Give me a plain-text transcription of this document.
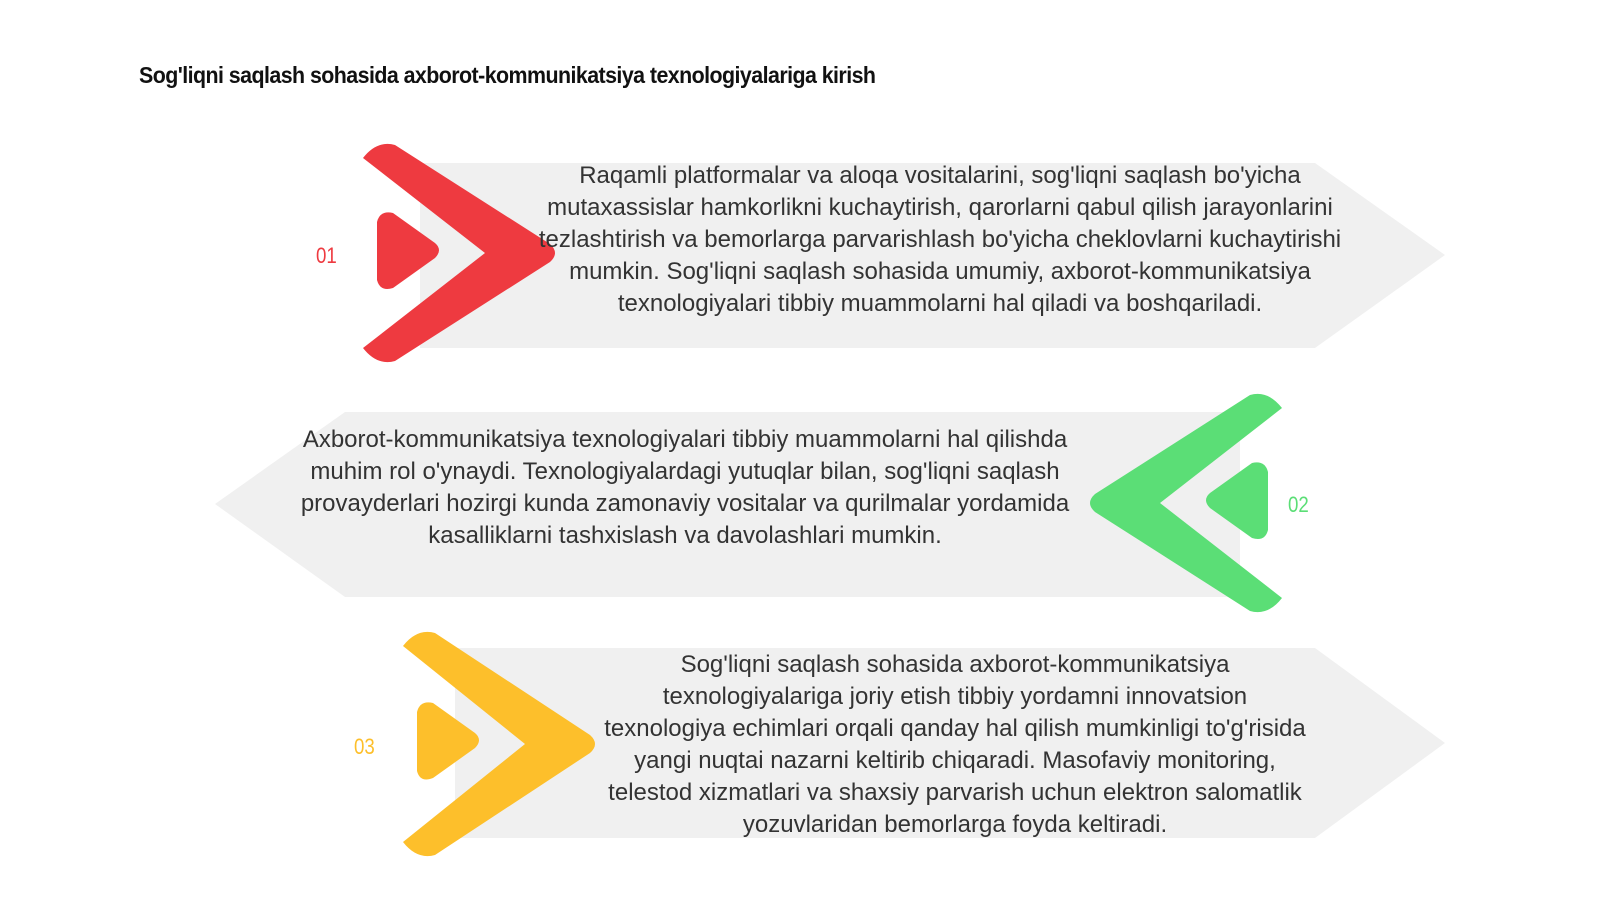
Sog'liqni saqlash sohasida axborot-kommunikatsiya texnologiyalariga kirish
01
Raqamli platformalar va aloqa vositalarini, sog'liqni saqlash bo'yicha mutaxassislar hamkorlikni kuchaytirish, qarorlarni qabul qilish jarayonlarini tezlashtirish va bemorlarga parvarishlash bo'yicha cheklovlarni kuchaytirishi mumkin. Sog'liqni saqlash sohasida umumiy, axborot-kommunikatsiya texnologiyalari tibbiy muammolarni hal qiladi va boshqariladi.
02
Axborot-kommunikatsiya texnologiyalari tibbiy muammolarni hal qilishda muhim rol o'ynaydi. Texnologiyalardagi yutuqlar bilan, sog'liqni saqlash provayderlari hozirgi kunda zamonaviy vositalar va qurilmalar yordamida kasalliklarni tashxislash va davolashlari mumkin.
03
Sog'liqni saqlash sohasida axborot-kommunikatsiya texnologiyalariga joriy etish tibbiy yordamni innovatsion texnologiya echimlari orqali qanday hal qilish mumkinligi to'g'risida yangi nuqtai nazarni keltirib chiqaradi. Masofaviy monitoring, telestod xizmatlari va shaxsiy parvarish uchun elektron salomatlik yozuvlaridan bemorlarga foyda keltiradi.
